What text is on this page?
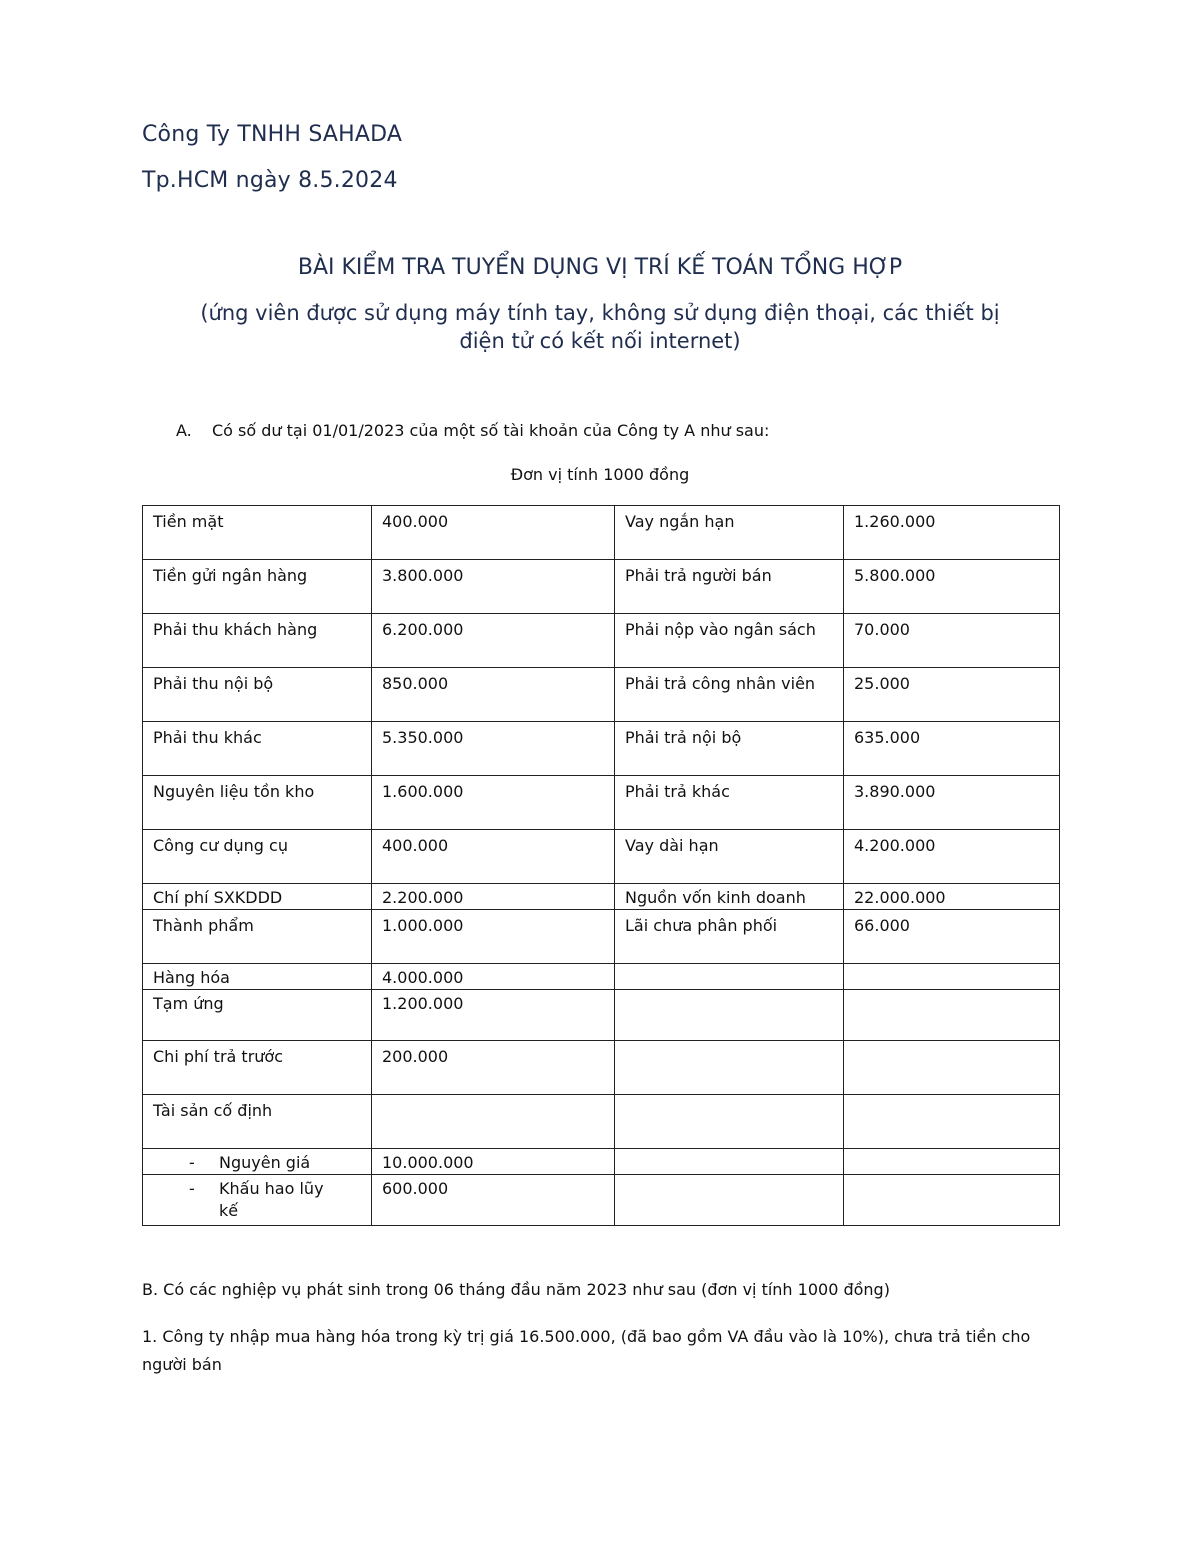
Công Ty TNHH SAHADA
Tp.HCM ngày 8.5.2024
BÀI KIỂM TRA TUYỂN DỤNG VỊ TRÍ KẾ TOÁN TỔNG HỢP
(ứng viên được sử dụng máy tính tay, không sử dụng điện thoại, các thiết bị
điện tử có kết nối internet)
A. Có số dư tại 01/01/2023 của một số tài khoản của Công ty A như sau:
Đơn vị tính 1000 đồng
Tiền mặt	400.000	Vay ngắn hạn	1.260.000
Tiền gửi ngân hàng	3.800.000	Phải trả người bán	5.800.000
Phải thu khách hàng	6.200.000	Phải nộp vào ngân sách	70.000
Phải thu nội bộ	850.000	Phải trả công nhân viên	25.000
Phải thu khác	5.350.000	Phải trả nội bộ	635.000
Nguyên liệu tồn kho	1.600.000	Phải trả khác	3.890.000
Công cư dụng cụ	400.000	Vay dài hạn	4.200.000
Chí phí SXKDDD	2.200.000	Nguồn vốn kinh doanh	22.000.000
Thành phẩm	1.000.000	Lãi chưa phân phối	66.000
Hàng hóa	4.000.000		
Tạm ứng	1.200.000		
Chi phí trả trước	200.000		
Tài sản cố định			
- Nguyên giá	10.000.000		
- Khấu hao lũy kế	600.000		
B. Có các nghiệp vụ phát sinh trong 06 tháng đầu năm 2023 như sau (đơn vị tính 1000 đồng)
1. Công ty nhập mua hàng hóa trong kỳ trị giá 16.500.000, (đã bao gồm VA đầu vào là 10%), chưa trả tiền cho người bán
